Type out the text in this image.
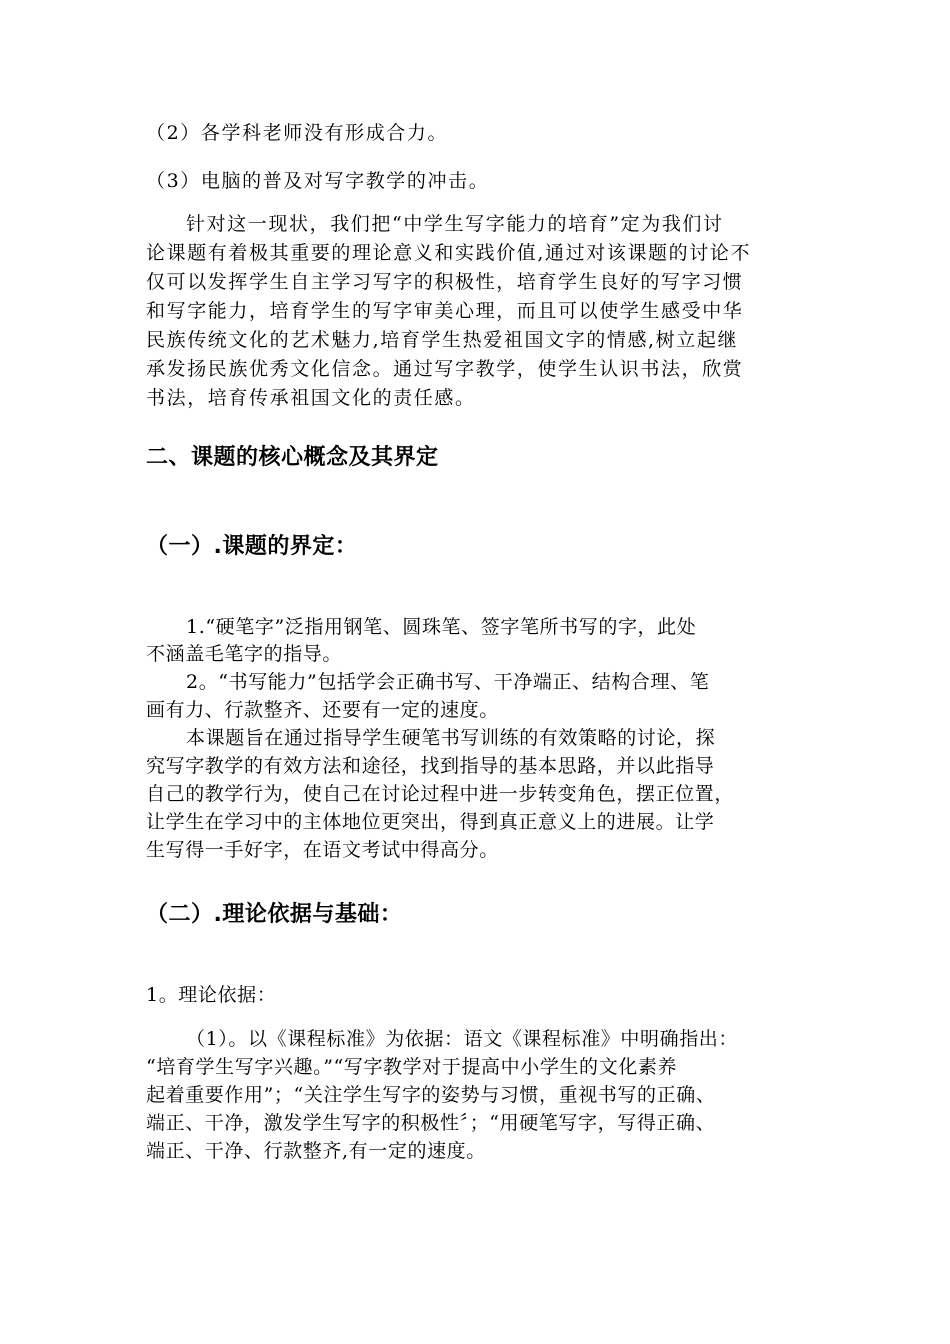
（2）各学科老师没有形成合力。
（3）电脑的普及对写字教学的冲击。
针对这一现状，我们把“中学生写字能力的培育”定为我们讨
论课题有着极其重要的理论意义和实践价值,通过对该课题的讨论不
仅可以发挥学生自主学习写字的积极性，培育学生良好的写字习惯
和写字能力，培育学生的写字审美心理，而且可以使学生感受中华
民族传统文化的艺术魅力,培育学生热爱祖国文字的情感,树立起继
承发扬民族优秀文化信念。通过写字教学，使学生认识书法，欣赏
书法，培育传承祖国文化的责任感。
二、课题的核心概念及其界定
（一）.课题的界定：
1.“硬笔字”泛指用钢笔、圆珠笔、签字笔所书写的字，此处
不涵盖毛笔字的指导。
2。“书写能力”包括学会正确书写、干净端正、结构合理、笔
画有力、行款整齐、还要有一定的速度。
本课题旨在通过指导学生硬笔书写训练的有效策略的讨论，探
究写字教学的有效方法和途径，找到指导的基本思路，并以此指导
自己的教学行为，使自己在讨论过程中进一步转变角色，摆正位置，
让学生在学习中的主体地位更突出，得到真正意义上的进展。让学
生写得一手好字，在语文考试中得高分。
（二）.理论依据与基础：
1。理论依据：
（1）。以《课程标准》为依据：语文《课程标准》中明确指出：
“培育学生写字兴趣。”“写字教学对于提高中小学生的文化素养
起着重要作用”；“关注学生写字的姿势与习惯，重视书写的正确、
端正、干净，激发学生写字的积极性〞；“用硬笔写字，写得正确、
端正、干净、行款整齐,有一定的速度。
